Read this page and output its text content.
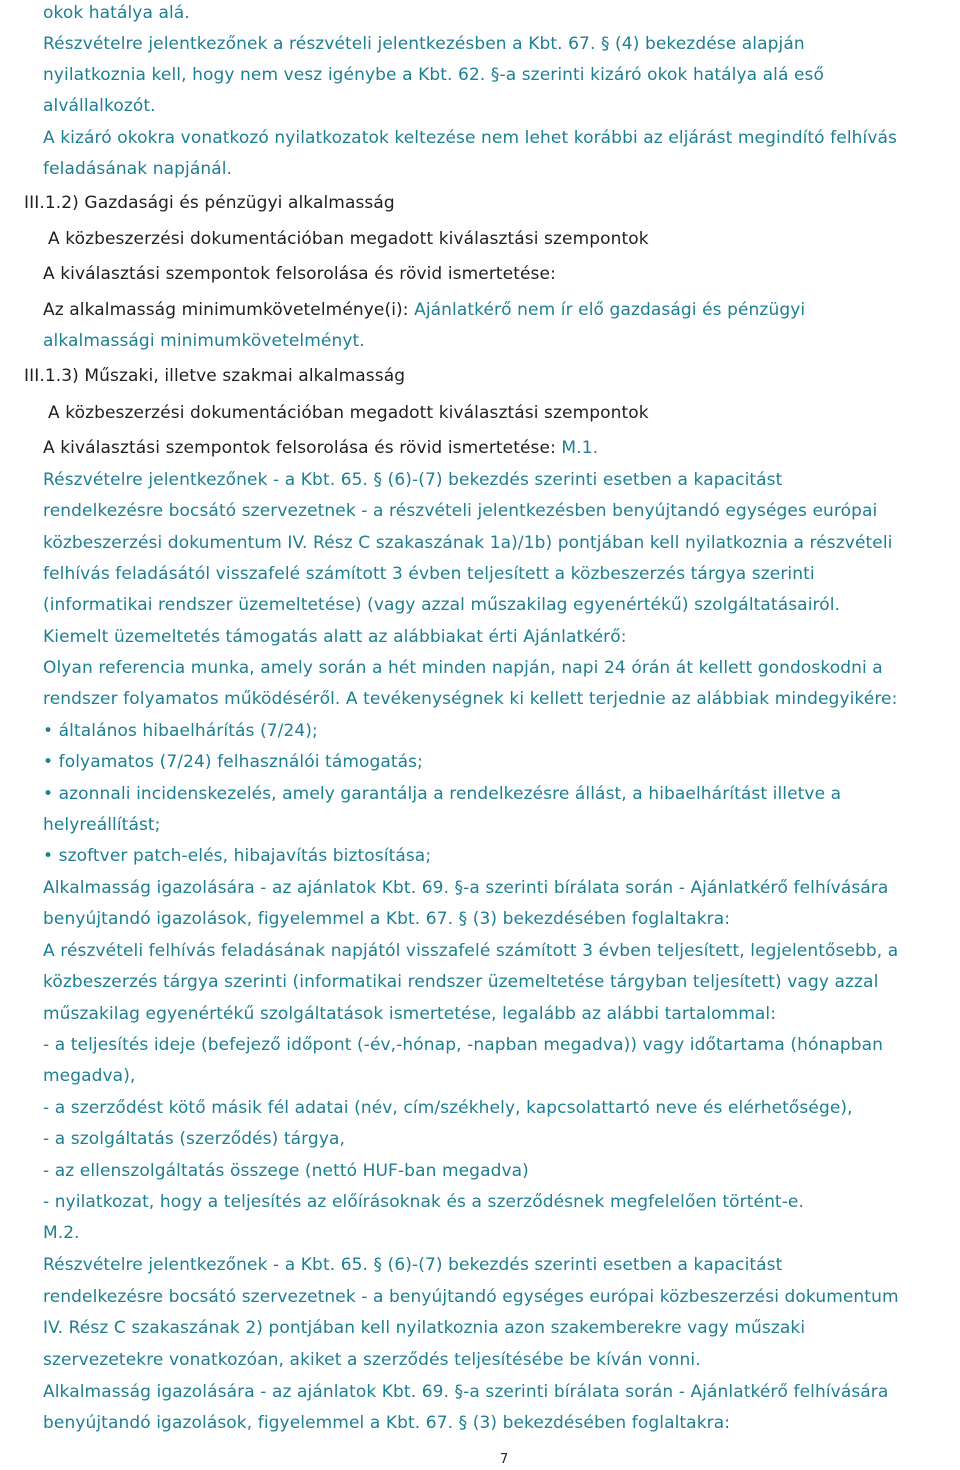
okok hatálya alá.
Részvételre jelentkezőnek a részvételi jelentkezésben a Kbt. 67. § (4) bekezdése alapján
nyilatkoznia kell, hogy nem vesz igénybe a Kbt. 62. §-a szerinti kizáró okok hatálya alá eső
alvállalkozót.
A kizáró okokra vonatkozó nyilatkozatok keltezése nem lehet korábbi az eljárást megindító felhívás
feladásának napjánál.
III.1.2) Gazdasági és pénzügyi alkalmasság
A közbeszerzési dokumentációban megadott kiválasztási szempontok
A kiválasztási szempontok felsorolása és rövid ismertetése:
Az alkalmasság minimumkövetelménye(i): Ajánlatkérő nem ír elő gazdasági és pénzügyi
alkalmassági minimumkövetelményt.
III.1.3) Műszaki, illetve szakmai alkalmasság
A közbeszerzési dokumentációban megadott kiválasztási szempontok
A kiválasztási szempontok felsorolása és rövid ismertetése: M.1.
Részvételre jelentkezőnek - a Kbt. 65. § (6)-(7) bekezdés szerinti esetben a kapacitást
rendelkezésre bocsátó szervezetnek - a részvételi jelentkezésben benyújtandó egységes európai
közbeszerzési dokumentum IV. Rész C szakaszának 1a)/1b) pontjában kell nyilatkoznia a részvételi
felhívás feladásától visszafelé számított 3 évben teljesített a közbeszerzés tárgya szerinti
(informatikai rendszer üzemeltetése) (vagy azzal műszakilag egyenértékű) szolgáltatásairól.
Kiemelt üzemeltetés támogatás alatt az alábbiakat érti Ajánlatkérő:
Olyan referencia munka, amely során a hét minden napján, napi 24 órán át kellett gondoskodni a
rendszer folyamatos működéséről. A tevékenységnek ki kellett terjednie az alábbiak mindegyikére:
• általános hibaelhárítás (7/24);
• folyamatos (7/24) felhasználói támogatás;
• azonnali incidenskezelés, amely garantálja a rendelkezésre állást, a hibaelhárítást illetve a
helyreállítást;
• szoftver patch-elés, hibajavítás biztosítása;
Alkalmasság igazolására - az ajánlatok Kbt. 69. §-a szerinti bírálata során - Ajánlatkérő felhívására
benyújtandó igazolások, figyelemmel a Kbt. 67. § (3) bekezdésében foglaltakra:
A részvételi felhívás feladásának napjától visszafelé számított 3 évben teljesített, legjelentősebb, a
közbeszerzés tárgya szerinti (informatikai rendszer üzemeltetése tárgyban teljesített) vagy azzal
műszakilag egyenértékű szolgáltatások ismertetése, legalább az alábbi tartalommal:
- a teljesítés ideje (befejező időpont (-év,-hónap, -napban megadva)) vagy időtartama (hónapban
megadva),
- a szerződést kötő másik fél adatai (név, cím/székhely, kapcsolattartó neve és elérhetősége),
- a szolgáltatás (szerződés) tárgya,
- az ellenszolgáltatás összege (nettó HUF-ban megadva)
- nyilatkozat, hogy a teljesítés az előírásoknak és a szerződésnek megfelelően történt-e.
M.2.
Részvételre jelentkezőnek - a Kbt. 65. § (6)-(7) bekezdés szerinti esetben a kapacitást
rendelkezésre bocsátó szervezetnek - a benyújtandó egységes európai közbeszerzési dokumentum
IV. Rész C szakaszának 2) pontjában kell nyilatkoznia azon szakemberekre vagy műszaki
szervezetekre vonatkozóan, akiket a szerződés teljesítésébe be kíván vonni.
Alkalmasság igazolására - az ajánlatok Kbt. 69. §-a szerinti bírálata során - Ajánlatkérő felhívására
benyújtandó igazolások, figyelemmel a Kbt. 67. § (3) bekezdésében foglaltakra:
7
